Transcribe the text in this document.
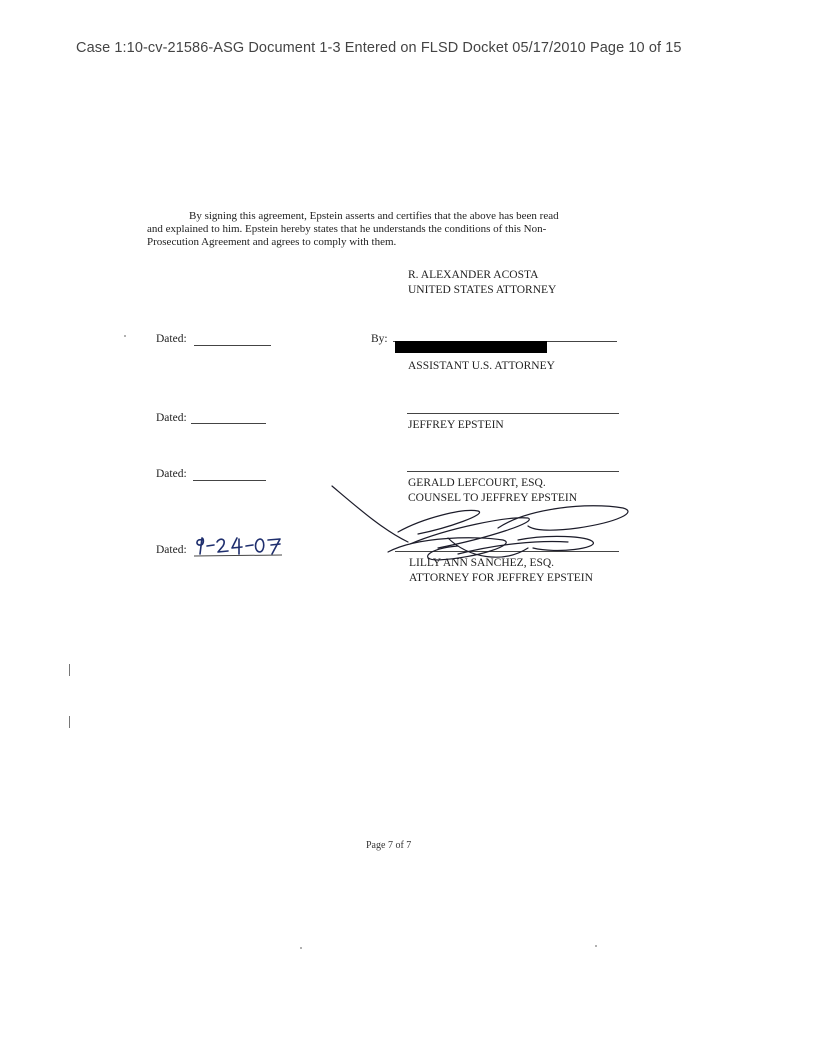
Case 1:10-cv-21586-ASG Document 1-3 Entered on FLSD Docket 05/17/2010 Page 10 of 15
By signing this agreement, Epstein asserts and certifies that the above has been read
and explained to him. Epstein hereby states that he understands the conditions of this Non-
Prosecution Agreement and agrees to comply with them.
R. ALEXANDER ACOSTA
UNITED STATES ATTORNEY
Dated:	By:
ASSISTANT U.S. ATTORNEY
Dated:
JEFFREY EPSTEIN
Dated:
GERALD LEFCOURT, ESQ.
COUNSEL TO JEFFREY EPSTEIN
Dated:
LILLY ANN SANCHEZ, ESQ.
ATTORNEY FOR JEFFREY EPSTEIN
Page 7 of 7
